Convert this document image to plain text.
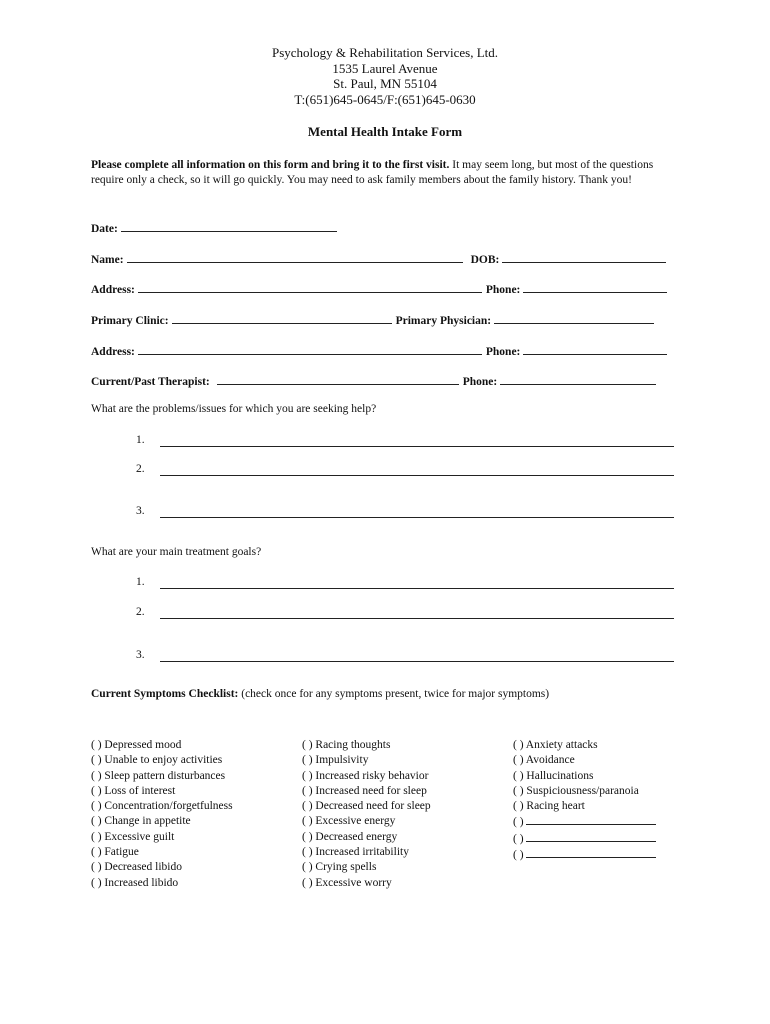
Psychology & Rehabilitation Services, Ltd.
1535 Laurel Avenue
St. Paul, MN 55104
T:(651)645-0645/F:(651)645-0630
Mental Health Intake Form
Please complete all information on this form and bring it to the first visit. It may seem long, but most of the questions require only a check, so it will go quickly. You may need to ask family members about the family history. Thank you!
Date:
Name:	DOB:
Address:	Phone:
Primary Clinic:	Primary Physician:
Address:	Phone:
Current/Past Therapist:	Phone:
What are the problems/issues for which you are seeking help?
1.
2.
3.
What are your main treatment goals?
1.
2.
3.
Current Symptoms Checklist: (check once for any symptoms present, twice for major symptoms)
( ) Depressed mood
( ) Unable to enjoy activities
( ) Sleep pattern disturbances
( ) Loss of interest
( ) Concentration/forgetfulness
( ) Change in appetite
( ) Excessive guilt
( ) Fatigue
( ) Decreased libido
( ) Increased libido
( ) Racing thoughts
( ) Impulsivity
( ) Increased risky behavior
( ) Increased need for sleep
( ) Decreased need for sleep
( ) Excessive energy
( ) Decreased energy
( ) Increased irritability
( ) Crying spells
( ) Excessive worry
( ) Anxiety attacks
( ) Avoidance
( ) Hallucinations
( ) Suspiciousness/paranoia
( ) Racing heart
( )
( )
( )
